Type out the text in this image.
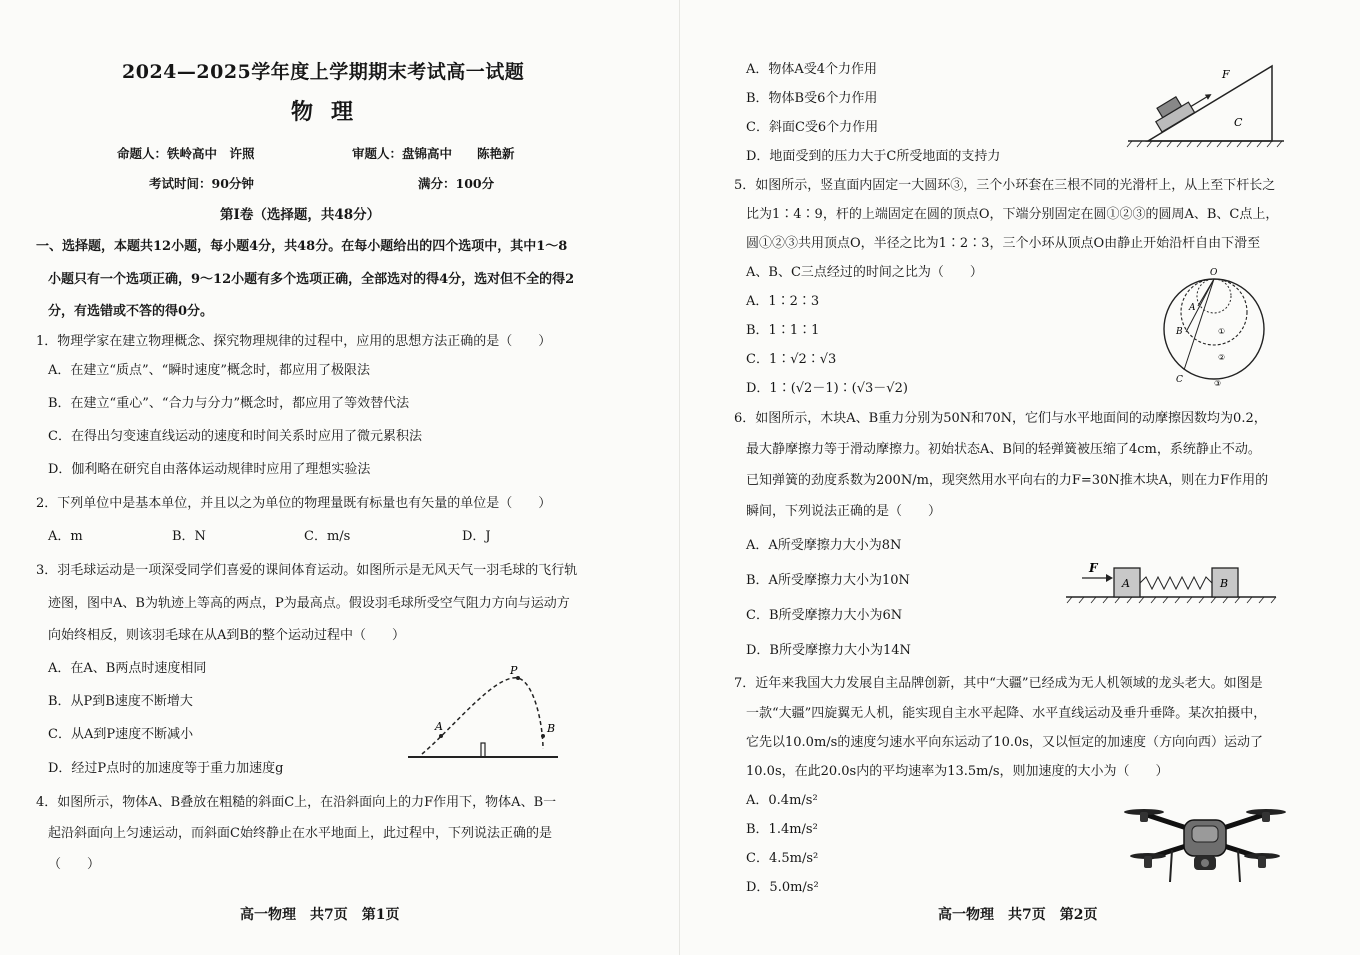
2024—2025学年度上学期期末考试高一试题
物理
命题人：铁岭高中　许照	审题人：盘锦高中　　陈艳新
考试时间：90分钟	满分：100分
第Ⅰ卷（选择题，共48分）
一、选择题，本题共12小题，每小题4分，共48分。在每小题给出的四个选项中，其中1～8
小题只有一个选项正确，9～12小题有多个选项正确，全部选对的得4分，选对但不全的得2
分，有选错或不答的得0分。
1．物理学家在建立物理概念、探究物理规律的过程中，应用的思想方法正确的是（　　）
A．在建立“质点”、“瞬时速度”概念时，都应用了极限法
B．在建立“重心”、“合力与分力”概念时，都应用了等效替代法
C．在得出匀变速直线运动的速度和时间关系时应用了微元累积法
D．伽利略在研究自由落体运动规律时应用了理想实验法
2．下列单位中是基本单位，并且以之为单位的物理量既有标量也有矢量的单位是（　　）
A．m	B．N	C．m/s	D．J
3．羽毛球运动是一项深受同学们喜爱的课间体育运动。如图所示是无风天气一羽毛球的飞行轨
迹图，图中A、B为轨迹上等高的两点，P为最高点。假设羽毛球所受空气阻力方向与运动方
向始终相反，则该羽毛球在从A到B的整个运动过程中（　　）
A．在A、B两点时速度相同
B．从P到B速度不断增大
C．从A到P速度不断减小
D．经过P点时的加速度等于重力加速度g
P
A	B
4．如图所示，物体A、B叠放在粗糙的斜面C上，在沿斜面向上的力F作用下，物体A、B一
起沿斜面向上匀速运动，而斜面C始终静止在水平地面上，此过程中，下列说法正确的是
（　　）
高一物理　共7页　第1页
A．物体A受4个力作用
B．物体B受6个力作用
C．斜面C受6个力作用
D．地面受到的压力大于C所受地面的支持力
F
C
5．如图所示，竖直面内固定一大圆环③，三个小环套在三根不同的光滑杆上，从上至下杆长之
比为1∶4∶9，杆的上端固定在圆的顶点O，下端分别固定在圆①②③的圆周A、B、C点上，
圆①②③共用顶点O，半径之比为1∶2∶3，三个小环从顶点O由静止开始沿杆自由下滑至
A、B、C三点经过的时间之比为（　　）
A．1∶2∶3
B．1∶1∶1
C．1∶√2∶√3
D．1∶(√2－1)∶(√3－√2)
O
A
B
C
①
②
③
6．如图所示，木块A、B重力分别为50N和70N，它们与水平地面间的动摩擦因数均为0.2，
最大静摩擦力等于滑动摩擦力。初始状态A、B间的轻弹簧被压缩了4cm，系统静止不动。
已知弹簧的劲度系数为200N/m，现突然用水平向右的力F=30N推木块A，则在力F作用的
瞬间，下列说法正确的是（　　）
A．A所受摩擦力大小为8N
B．A所受摩擦力大小为10N
C．B所受摩擦力大小为6N
D．B所受摩擦力大小为14N
F
A	B
7．近年来我国大力发展自主品牌创新，其中“大疆”已经成为无人机领域的龙头老大。如图是
一款“大疆”四旋翼无人机，能实现自主水平起降、水平直线运动及垂升垂降。某次拍摄中，
它先以10.0m/s的速度匀速水平向东运动了10.0s，又以恒定的加速度（方向向西）运动了
10.0s，在此20.0s内的平均速率为13.5m/s，则加速度的大小为（　　）
A．0.4m/s²
B．1.4m/s²
C．4.5m/s²
D．5.0m/s²
高一物理　共7页　第2页
